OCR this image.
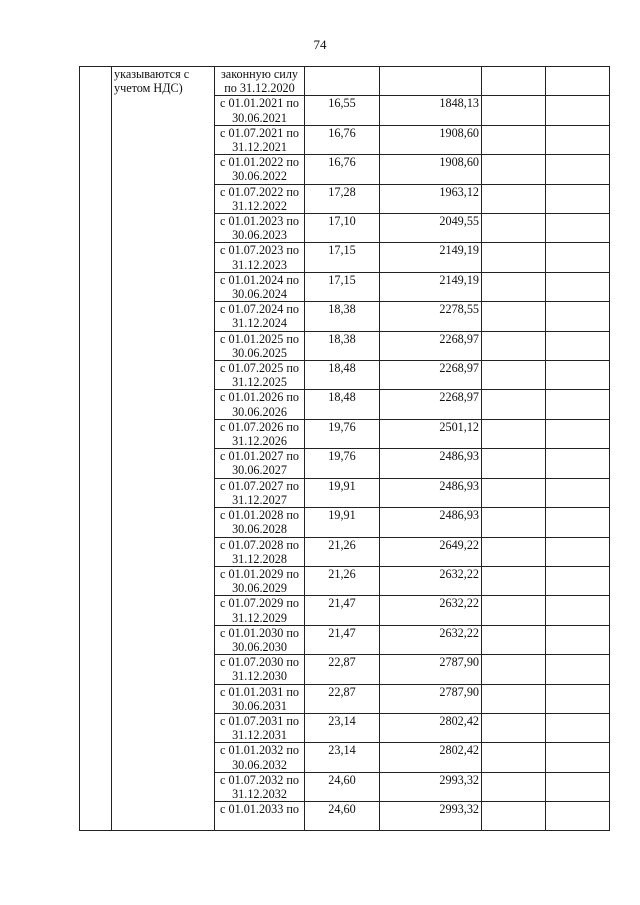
74
	указываются с учетом НДС)	законную силу по 31.12.2020				
		с 01.01.2021 по 30.06.2021	16,55	1848,13		
		с 01.07.2021 по 31.12.2021	16,76	1908,60		
		с 01.01.2022 по 30.06.2022	16,76	1908,60		
		с 01.07.2022 по 31.12.2022	17,28	1963,12		
		с 01.01.2023 по 30.06.2023	17,10	2049,55		
		с 01.07.2023 по 31.12.2023	17,15	2149,19		
		с 01.01.2024 по 30.06.2024	17,15	2149,19		
		с 01.07.2024 по 31.12.2024	18,38	2278,55		
		с 01.01.2025 по 30.06.2025	18,38	2268,97		
		с 01.07.2025 по 31.12.2025	18,48	2268,97		
		с 01.01.2026 по 30.06.2026	18,48	2268,97		
		с 01.07.2026 по 31.12.2026	19,76	2501,12		
		с 01.01.2027 по 30.06.2027	19,76	2486,93		
		с 01.07.2027 по 31.12.2027	19,91	2486,93		
		с 01.01.2028 по 30.06.2028	19,91	2486,93		
		с 01.07.2028 по 31.12.2028	21,26	2649,22		
		с 01.01.2029 по 30.06.2029	21,26	2632,22		
		с 01.07.2029 по 31.12.2029	21,47	2632,22		
		с 01.01.2030 по 30.06.2030	21,47	2632,22		
		с 01.07.2030 по 31.12.2030	22,87	2787,90		
		с 01.01.2031 по 30.06.2031	22,87	2787,90		
		с 01.07.2031 по 31.12.2031	23,14	2802,42		
		с 01.01.2032 по 30.06.2032	23,14	2802,42		
		с 01.07.2032 по 31.12.2032	24,60	2993,32		
		с 01.01.2033 по	24,60	2993,32		
